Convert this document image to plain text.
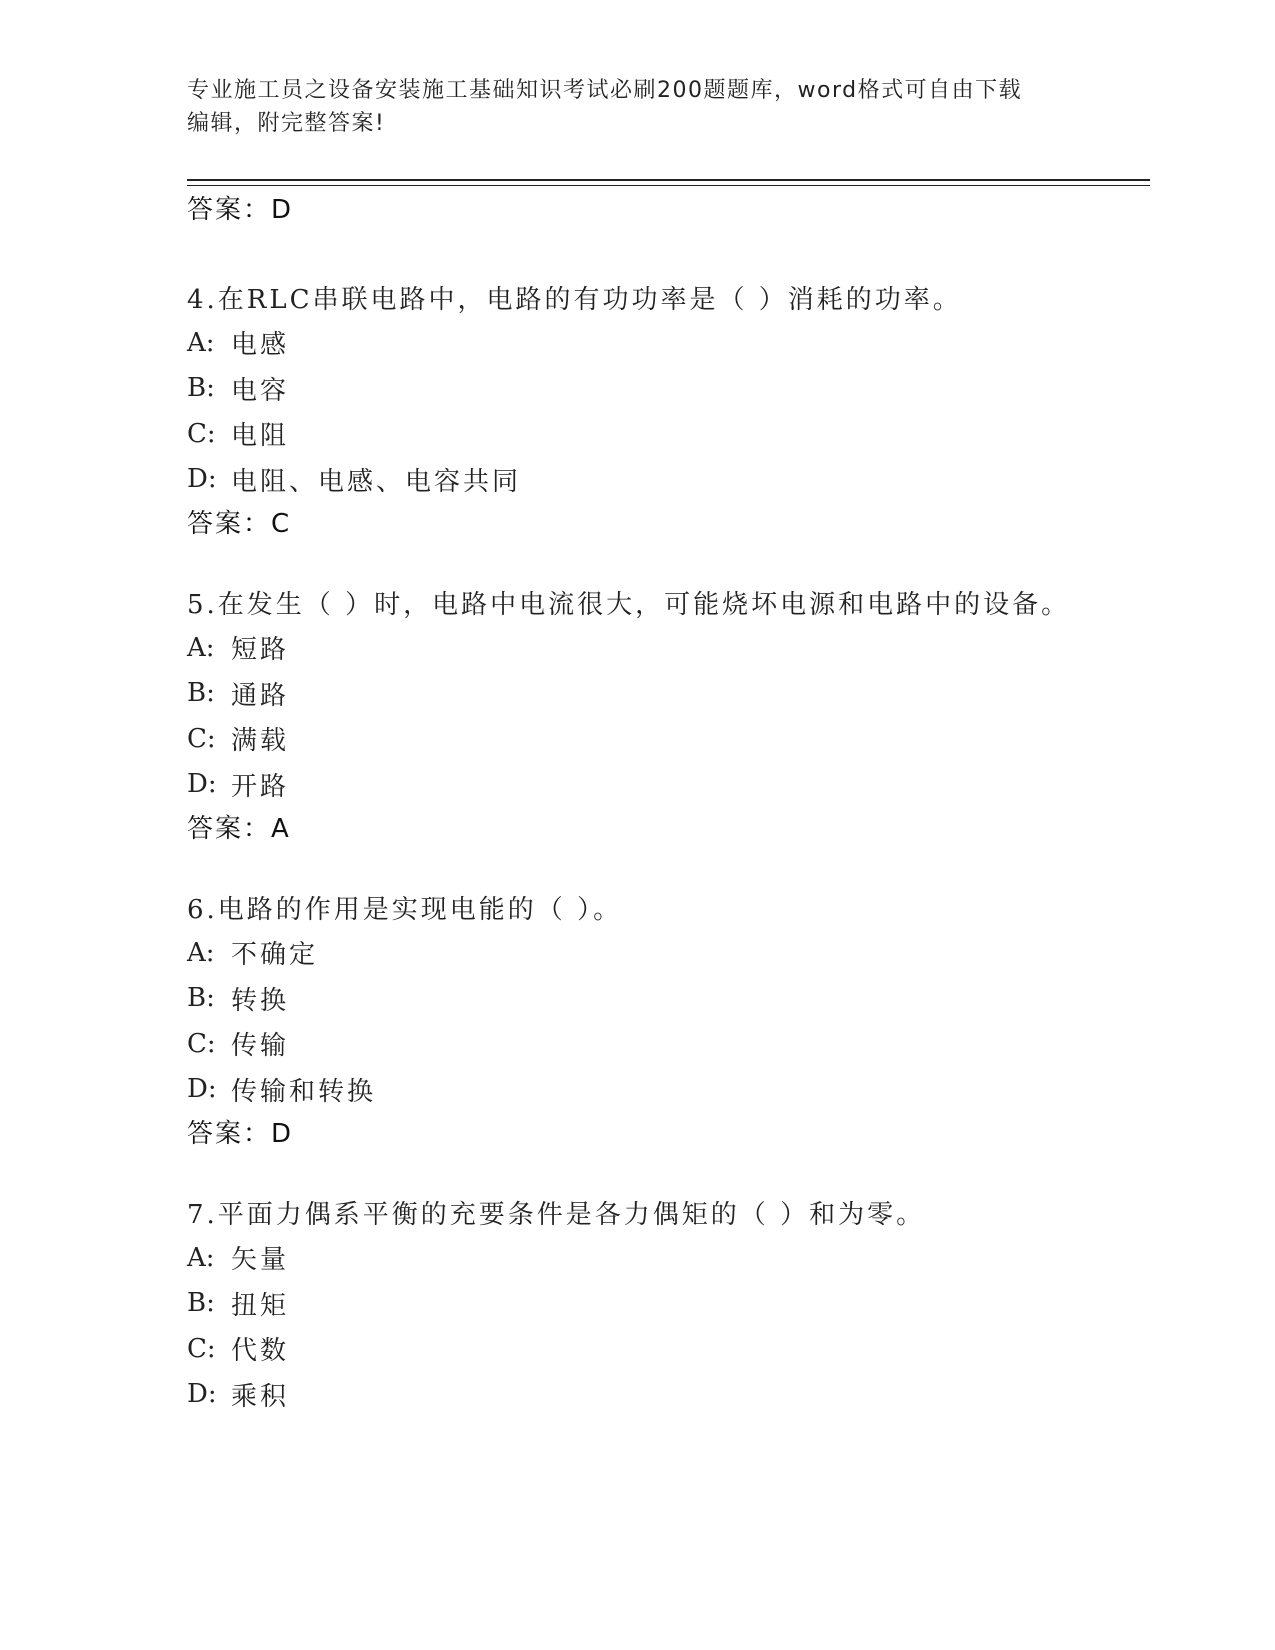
专业施工员之设备安装施工基础知识考试必刷200题题库，word格式可自由下载
编辑，附完整答案!
答案：D
4.在RLC串联电路中，电路的有功功率是（ ）消耗的功率。
A: 电感
B: 电容
C: 电阻
D: 电阻、电感、电容共同
答案：C
5.在发生（ ）时，电路中电流很大，可能烧坏电源和电路中的设备。
A: 短路
B: 通路
C: 满载
D: 开路
答案：A
6.电路的作用是实现电能的（ ）。
A: 不确定
B: 转换
C: 传输
D: 传输和转换
答案：D
7.平面力偶系平衡的充要条件是各力偶矩的（ ）和为零。
A: 矢量
B: 扭矩
C: 代数
D: 乘积
